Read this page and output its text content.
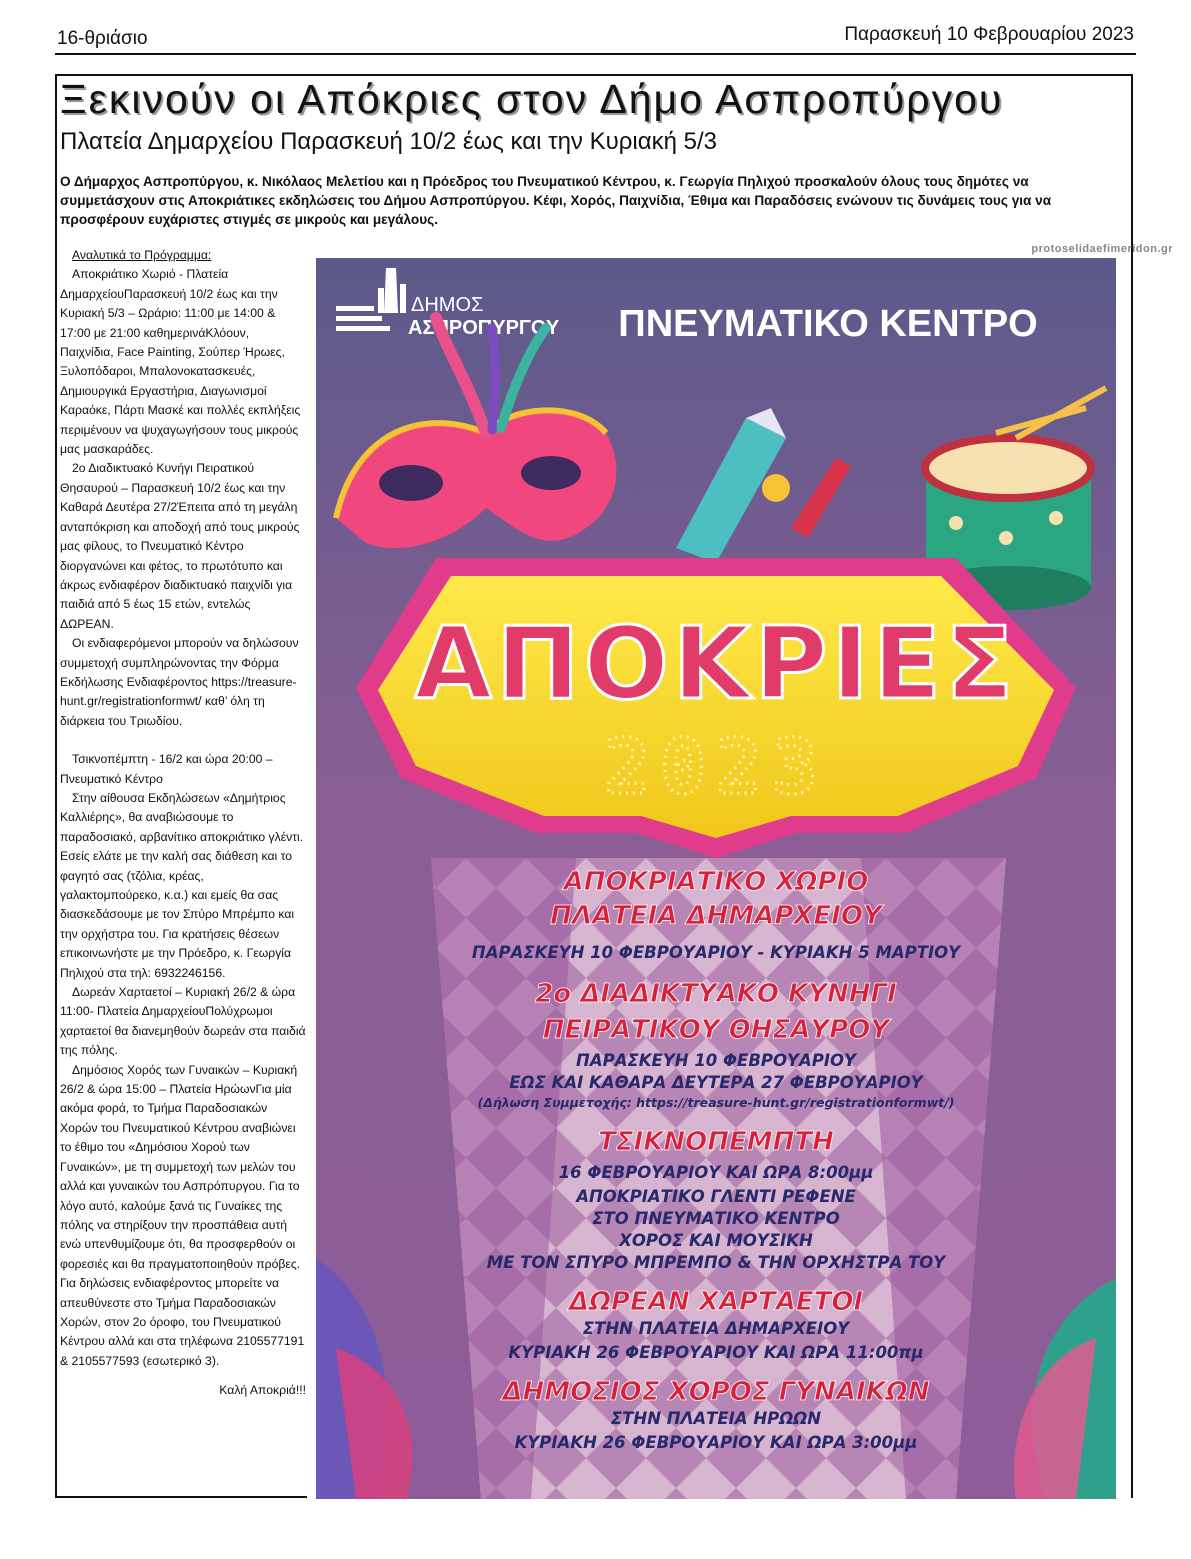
16-θριάσιο	Παρασκευή 10 Φεβρουαρίου 2023
Ξεκινούν οι Απόκριες στον Δήμο Ασπροπύργου
Πλατεία Δημαρχείου Παρασκευή 10/2 έως και την Κυριακή 5/3
Ο Δήμαρχος Ασπροπύργου, κ. Νικόλαος Μελετίου και η Πρόεδρος του Πνευματικού Κέντρου, κ. Γεωργία Πηλιχού προσκαλούν όλους τους δημότες να συμμετάσχουν στις Αποκριάτικες εκδηλώσεις του Δήμου Ασπροπύργου. Κέφι, Χορός, Παιχνίδια, Έθιμα και Παραδόσεις ενώνουν τις δυνάμεις τους για να προσφέρουν ευχάριστες στιγμές σε μικρούς και μεγάλους.
protoselidaefimeridon.gr

Αναλυτικά το Πρόγραμμα:

Αποκριάτικο Χωριό - Πλατεία ΔημαρχείουΠαρασκευή 10/2 έως και την Κυριακή 5/3 – Ωράριο: 11:00 με 14:00 & 17:00 με 21:00 καθημερινάΚλόουν, Παιχνίδια, Face Painting, Σούπερ Ήρωες, Ξυλοπόδαροι, Μπαλονοκατασκευές, Δημιουργικά Εργαστήρια, Διαγωνισμοί Καραόκε, Πάρτι Μασκέ και πολλές εκπλήξεις περιμένουν να ψυχαγωγήσουν τους μικρούς μας μασκαράδες.

2ο Διαδικτυακό Κυνήγι Πειρατικού Θησαυρού – Παρασκευή 10/2 έως και την Καθαρά Δευτέρα 27/2Έπειτα από τη μεγάλη ανταπόκριση και αποδοχή από τους μικρούς μας φίλους, το Πνευματικό Κέντρο διοργανώνει και φέτος, το πρωτότυπο και άκρως ενδιαφέρον διαδικτυακό παιχνίδι για παιδιά από 5 έως 15 ετών, εντελώς ΔΩΡΕΑΝ.

Οι ενδιαφερόμενοι μπορούν να δηλώσουν συμμετοχή συμπληρώνοντας την Φόρμα Εκδήλωσης Ενδιαφέροντος https://treasure-hunt.gr/registrationformwt/ καθ’ όλη τη διάρκεια του Τριωδίου.

Τσικνοπέμπτη - 16/2 και ώρα 20:00 – Πνευματικό Κέντρο

Στην αίθουσα Εκδηλώσεων «Δημήτριος Καλλιέρης», θα αναβιώσουμε το παραδοσιακό, αρβανίτικο αποκριάτικο γλέντι. Εσείς ελάτε με την καλή σας διάθεση και το φαγητό σας (τζόλια, κρέας, γαλακτομπούρεκο, κ.α.) και εμείς θα σας διασκεδάσουμε με τον Σπύρο Μπρέμπο και την ορχήστρα του. Για κρατήσεις θέσεων επικοινωνήστε με την Πρόεδρο, κ. Γεωργία Πηλιχού στα τηλ: 6932246156.

Δωρεάν Χαρταετοί – Κυριακή 26/2 & ώρα 11:00- Πλατεία ΔημαρχείουΠολύχρωμοι χαρταετοί θα διανεμηθούν δωρεάν στα παιδιά της πόλης.

Δημόσιος Χορός των Γυναικών – Κυριακή 26/2 & ώρα 15:00 – Πλατεία ΗρώωνΓια μία ακόμα φορά, το Τμήμα Παραδοσιακών Χορών του Πνευματικού Κέντρου αναβιώνει το έθιμο του «Δημόσιου Χορού των Γυναικών», με τη συμμετοχή των μελών του αλλά και γυναικών του Ασπρόπυργου. Για το λόγο αυτό, καλούμε ξανά τις Γυναίκες της πόλης να στηρίξουν την προσπάθεια αυτή ενώ υπενθυμίζουμε ότι, θα προσφερθούν οι φορεσιές και θα πραγματοποιηθούν πρόβες. Για δηλώσεις ενδιαφέροντος μπορείτε να απευθύνεστε στο Τμήμα Παραδοσιακών Χορών, στον 2ο όροφο, του Πνευματικού Κέντρου αλλά και στα τηλέφωνα 2105577191 & 2105577593 (εσωτερικό 3).

Καλή Αποκριά!!!

ΔΗΜΟΣ
ΑΣΠΡΟΠΥΡΓΟΥ ΠΝΕΥΜΑΤΙΚΟ ΚΕΝΤΡΟ
ΑΠΟΚΡΙΕΣ
2023
ΑΠΟΚΡΙΑΤΙΚΟ ΧΩΡΙΟ
ΠΛΑΤΕΙΑ ΔΗΜΑΡΧΕΙΟΥ
ΠΑΡΑΣΚΕΥΗ 10 ΦΕΒΡΟΥΑΡΙΟΥ - ΚΥΡΙΑΚΗ 5 ΜΑΡΤΙΟΥ
2ο ΔΙΑΔΙΚΤΥΑΚΟ ΚΥΝΗΓΙ
ΠΕΙΡΑΤΙΚΟΥ ΘΗΣΑΥΡΟΥ
ΠΑΡΑΣΚΕΥΗ 10 ΦΕΒΡΟΥΑΡΙΟΥ
ΕΩΣ ΚΑΙ ΚΑΘΑΡΑ ΔΕΥΤΕΡΑ 27 ΦΕΒΡΟΥΑΡΙΟΥ
(Δήλωση Συμμετοχής: https://treasure-hunt.gr/registrationformwt/)
ΤΣΙΚΝΟΠΕΜΠΤΗ
16 ΦΕΒΡΟΥΑΡΙΟΥ ΚΑΙ ΩΡΑ 8:00μμ
ΑΠΟΚΡΙΑΤΙΚΟ ΓΛΕΝΤΙ ΡΕΦΕΝΕ
ΣΤΟ ΠΝΕΥΜΑΤΙΚΟ ΚΕΝΤΡΟ
ΧΟΡΟΣ ΚΑΙ ΜΟΥΣΙΚΗ
ΜΕ ΤΟΝ ΣΠΥΡΟ ΜΠΡΕΜΠΟ & ΤΗΝ ΟΡΧΗΣΤΡΑ ΤΟΥ
ΔΩΡΕΑΝ ΧΑΡΤΑΕΤΟΙ
ΣΤΗΝ ΠΛΑΤΕΙΑ ΔΗΜΑΡΧΕΙΟΥ
ΚΥΡΙΑΚΗ 26 ΦΕΒΡΟΥΑΡΙΟΥ ΚΑΙ ΩΡΑ 11:00πμ
ΔΗΜΟΣΙΟΣ ΧΟΡΟΣ ΓΥΝΑΙΚΩΝ
ΣΤΗΝ ΠΛΑΤΕΙΑ ΗΡΩΩΝ
ΚΥΡΙΑΚΗ 26 ΦΕΒΡΟΥΑΡΙΟΥ ΚΑΙ ΩΡΑ 3:00μμ
